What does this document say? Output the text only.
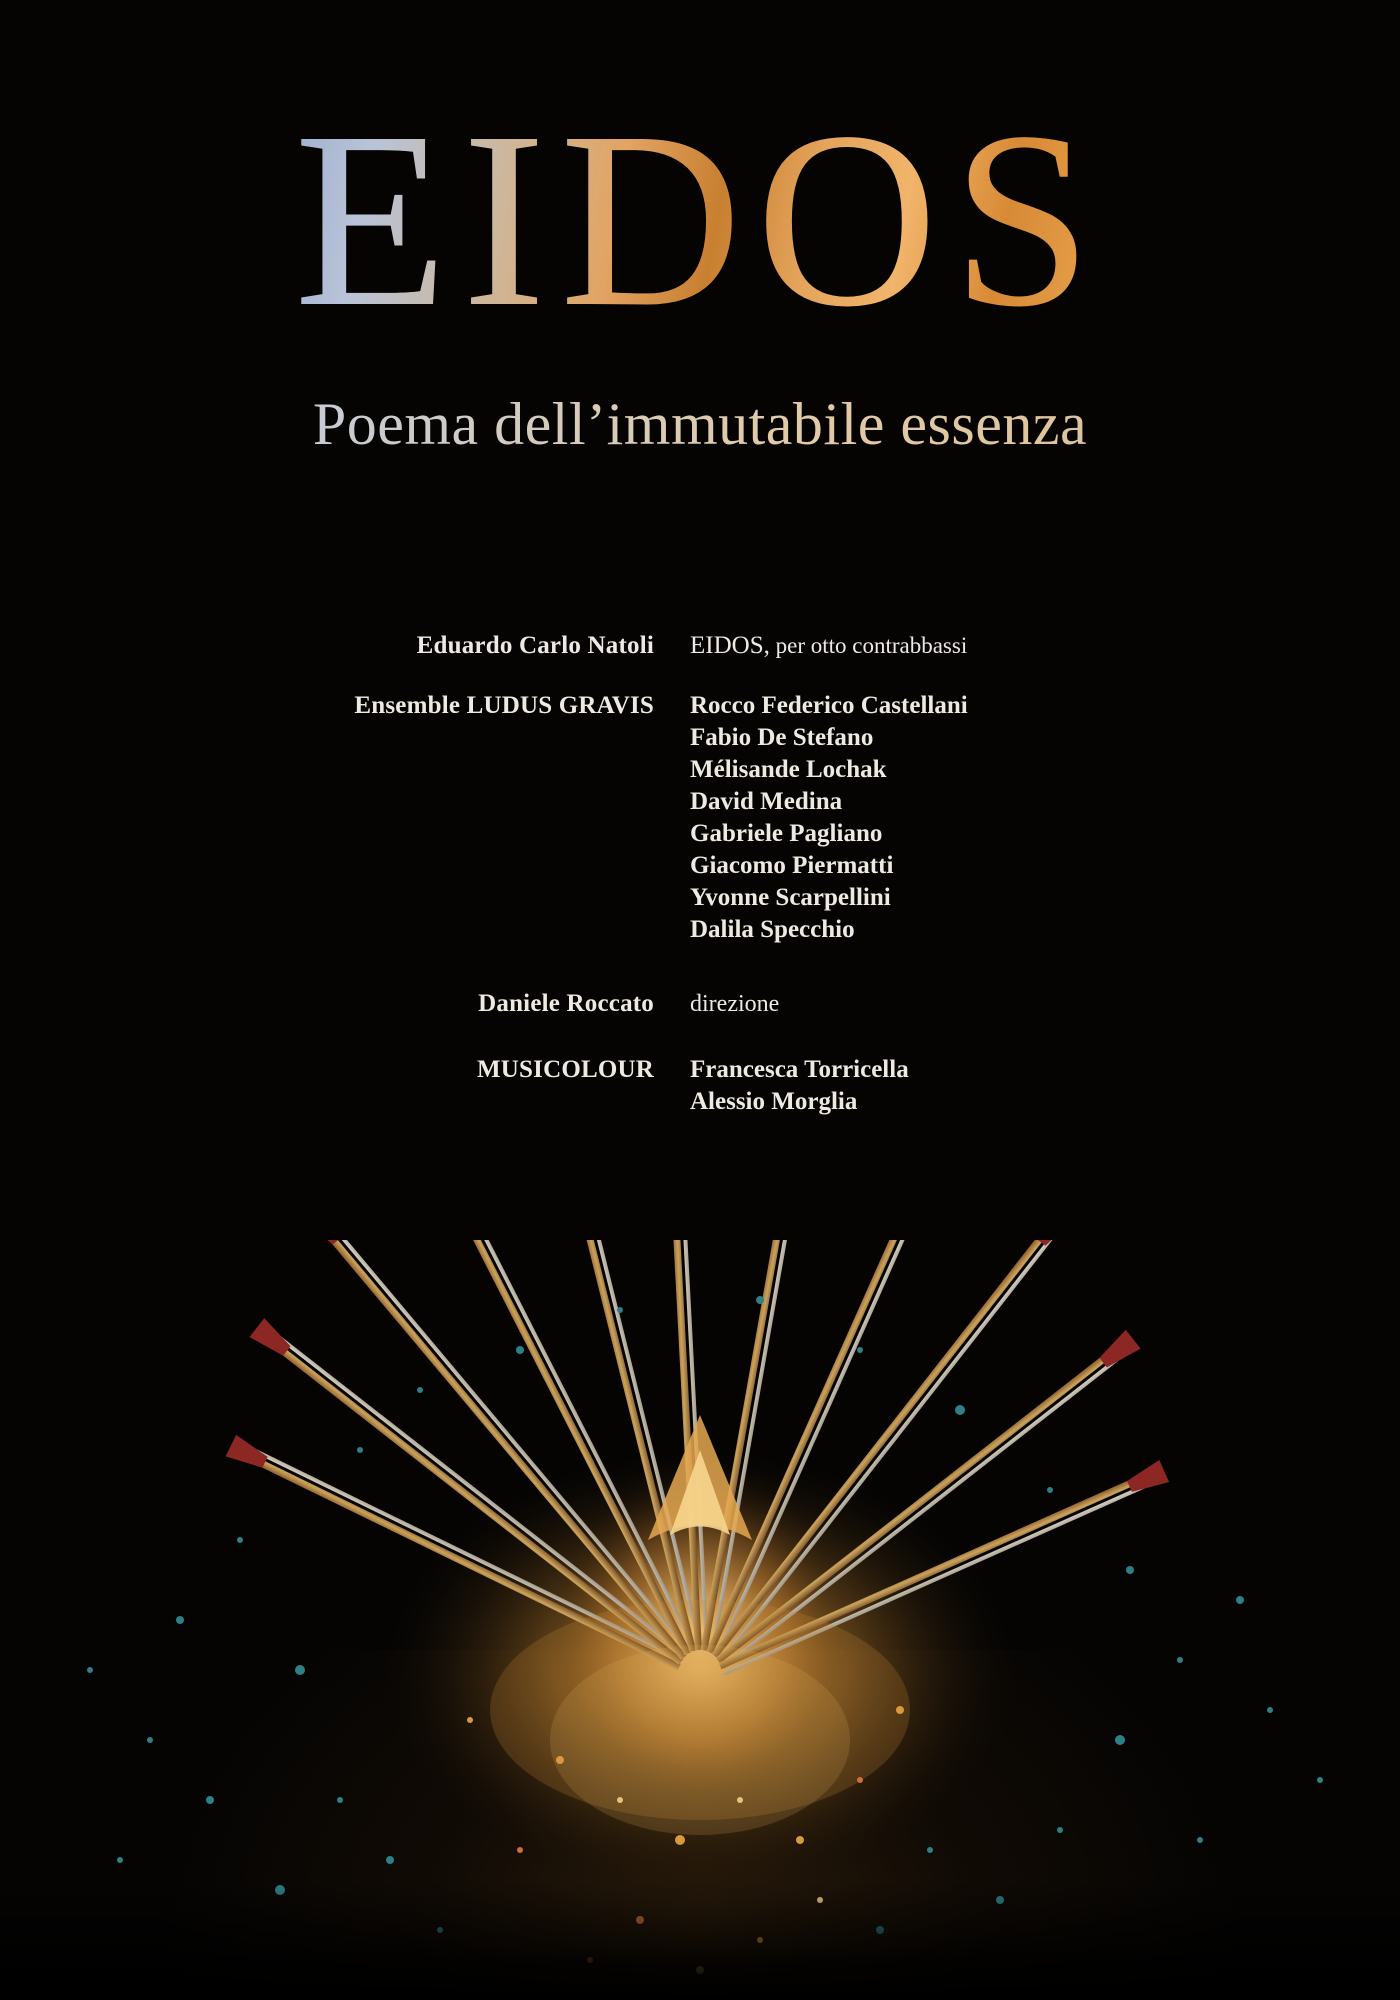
EIDOS
Poema dell’immutabile essenza
Eduardo Carlo Natoli	EIDOS, per otto contrabbassi
Ensemble LUDUS GRAVIS	Rocco Federico Castellani
Fabio De Stefano
Mélisande Lochak
David Medina
Gabriele Pagliano
Giacomo Piermatti
Yvonne Scarpellini
Dalila Specchio
Daniele Roccato	direzione
MUSICOLOUR	Francesca Torricella
Alessio Morglia
